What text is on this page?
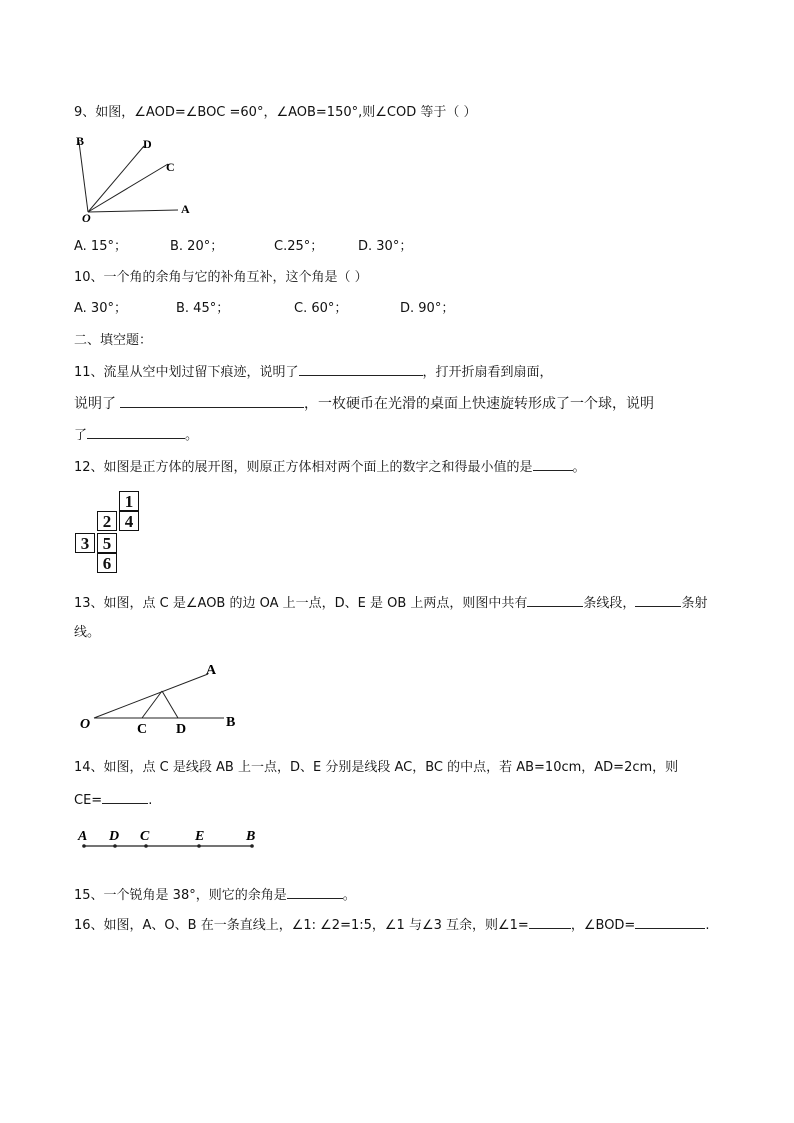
9、如图，∠AOD=∠BOC =60°，∠AOB=150°,则∠COD 等于（ ）
B	D
C
O
A
A. 15°；	B. 20°；	C.25°；	D. 30°；
10、一个角的余角与它的补角互补，这个角是（ ）
A. 30°；	B. 45°；	C. 60°；	D. 90°；
二、填空题：
11、流星从空中划过留下痕迹，说明了	，打开折扇看到扇面，
说明了	，一枚硬币在光滑的桌面上快速旋转形成了一个球，说明
了	。
12、如图是正方体的展开图，则原正方体相对两个面上的数字之和得最小值的是	。
1
2 4
3 5
6
13、如图，点 C 是∠AOB 的边 OA 上一点，D、E 是 OB 上两点，则图中共有	条线段，	条射
线。
A
O	C D	B
14、如图，点 C 是线段 AB 上一点，D、E 分别是线段 AC，BC 的中点，若 AB=10cm，AD=2cm，则
CE=	.
A D C	E	B
15、一个锐角是 38°，则它的余角是	。
16、如图，A、O、B 在一条直线上，∠1: ∠2=1:5，∠1 与∠3 互余，则∠1=	，∠BOD=	.
